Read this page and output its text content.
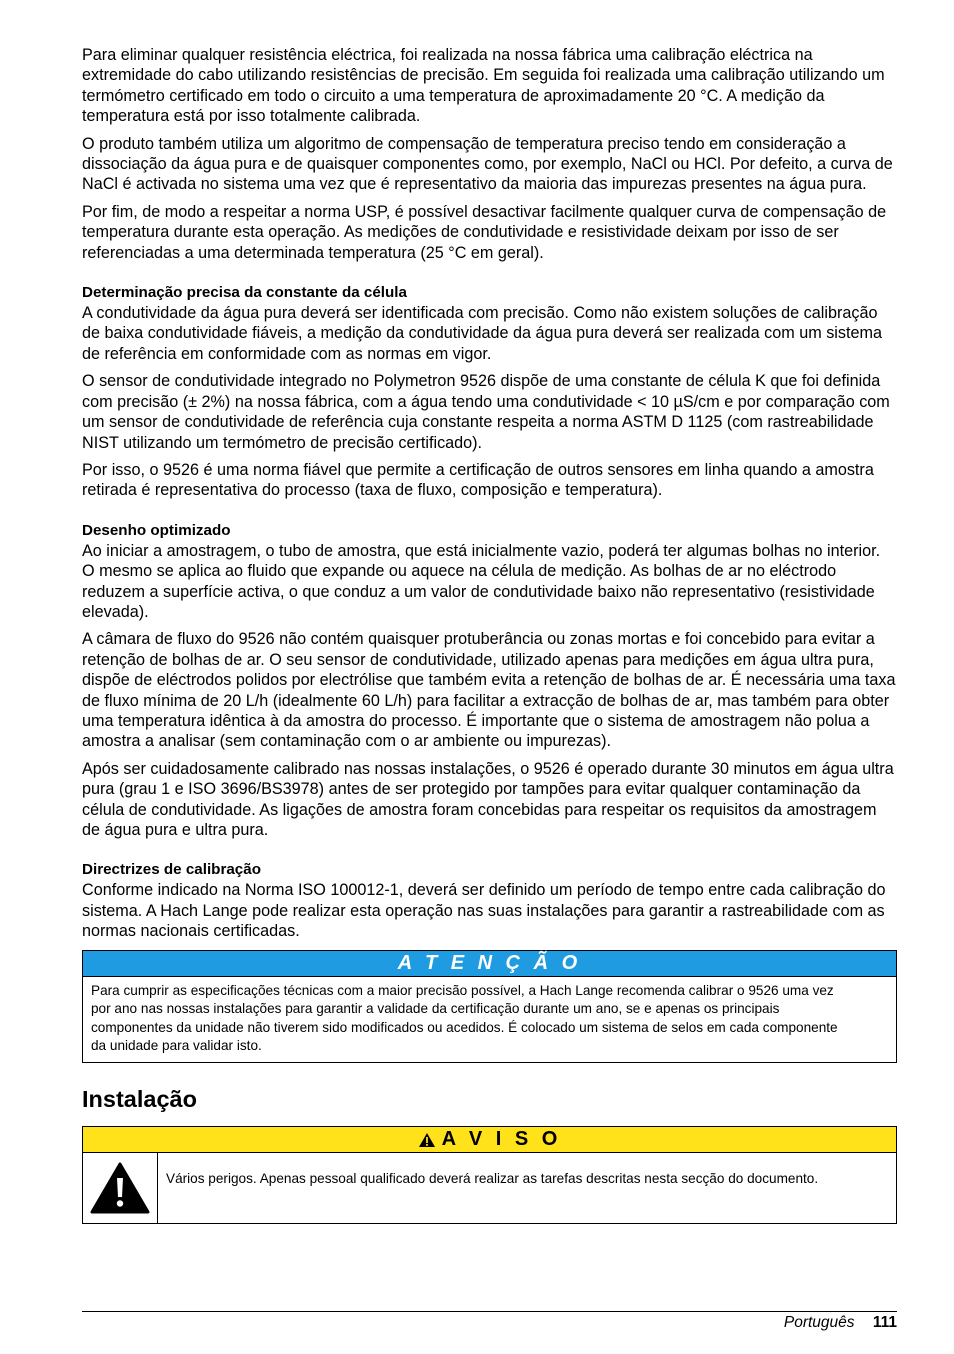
Para eliminar qualquer resistência eléctrica, foi realizada na nossa fábrica uma calibração eléctrica na extremidade do cabo utilizando resistências de precisão. Em seguida foi realizada uma calibração utilizando um termómetro certificado em todo o circuito a uma temperatura de aproximadamente 20 °C. A medição da temperatura está por isso totalmente calibrada.

O produto também utiliza um algoritmo de compensação de temperatura preciso tendo em consideração a dissociação da água pura e de quaisquer componentes como, por exemplo, NaCl ou HCl. Por defeito, a curva de NaCl é activada no sistema uma vez que é representativo da maioria das impurezas presentes na água pura.

Por fim, de modo a respeitar a norma USP, é possível desactivar facilmente qualquer curva de compensação de temperatura durante esta operação. As medições de condutividade e resistividade deixam por isso de ser referenciadas a uma determinada temperatura (25 °C em geral).

Determinação precisa da constante da célula

A condutividade da água pura deverá ser identificada com precisão. Como não existem soluções de calibração de baixa condutividade fiáveis, a medição da condutividade da água pura deverá ser realizada com um sistema de referência em conformidade com as normas em vigor.

O sensor de condutividade integrado no Polymetron 9526 dispõe de uma constante de célula K que foi definida com precisão (± 2%) na nossa fábrica, com a água tendo uma condutividade < 10 µS/cm e por comparação com um sensor de condutividade de referência cuja constante respeita a norma ASTM D 1125 (com rastreabilidade NIST utilizando um termómetro de precisão certificado).

Por isso, o 9526 é uma norma fiável que permite a certificação de outros sensores em linha quando a amostra retirada é representativa do processo (taxa de fluxo, composição e temperatura).

Desenho optimizado

Ao iniciar a amostragem, o tubo de amostra, que está inicialmente vazio, poderá ter algumas bolhas no interior. O mesmo se aplica ao fluido que expande ou aquece na célula de medição. As bolhas de ar no eléctrodo reduzem a superfície activa, o que conduz a um valor de condutividade baixo não representativo (resistividade elevada).

A câmara de fluxo do 9526 não contém quaisquer protuberância ou zonas mortas e foi concebido para evitar a retenção de bolhas de ar. O seu sensor de condutividade, utilizado apenas para medições em água ultra pura, dispõe de eléctrodos polidos por electrólise que também evita a retenção de bolhas de ar. É necessária uma taxa de fluxo mínima de 20 L/h (idealmente 60 L/h) para facilitar a extracção de bolhas de ar, mas também para obter uma temperatura idêntica à da amostra do processo. É importante que o sistema de amostragem não polua a amostra a analisar (sem contaminação com o ar ambiente ou impurezas).

Após ser cuidadosamente calibrado nas nossas instalações, o 9526 é operado durante 30 minutos em água ultra pura (grau 1 e ISO 3696/BS3978) antes de ser protegido por tampões para evitar qualquer contaminação da célula de condutividade. As ligações de amostra foram concebidas para respeitar os requisitos da amostragem de água pura e ultra pura.

Directrizes de calibração

Conforme indicado na Norma ISO 100012-1, deverá ser definido um período de tempo entre cada calibração do sistema. A Hach Lange pode realizar esta operação nas suas instalações para garantir a rastreabilidade com as normas nacionais certificadas.

A T E N Ç Ã O
Para cumprir as especificações técnicas com a maior precisão possível, a Hach Lange recomenda calibrar o 9526 uma vez por ano nas nossas instalações para garantir a validade da certificação durante um ano, se e apenas os principais componentes da unidade não tiverem sido modificados ou acedidos. É colocado um sistema de selos em cada componente da unidade para validar isto.
Instalação
A V I S O
Vários perigos. Apenas pessoal qualificado deverá realizar as tarefas descritas nesta secção do documento.
Português 111
